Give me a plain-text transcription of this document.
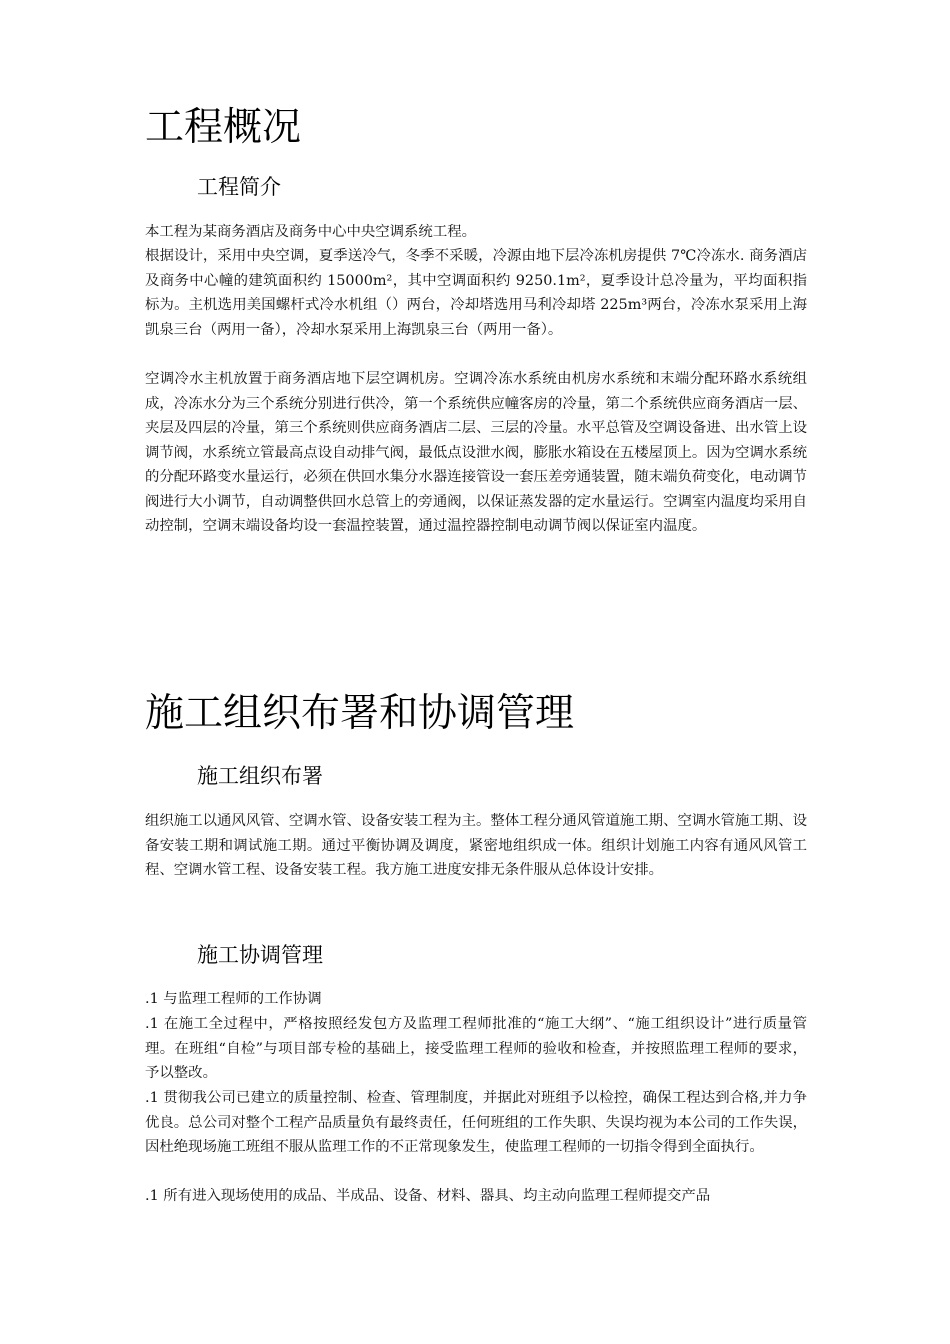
工程概况
工程简介

本工程为某商务酒店及商务中心中央空调系统工程。

根据设计，采用中央空调，夏季送冷气，冬季不采暖，冷源由地下层冷冻机房提供 7℃冷冻水. 商务酒店及商务中心幢的建筑面积约 15000m²，其中空调面积约 9250.1m²，夏季设计总冷量为，平均面积指标为。主机选用美国螺杆式冷水机组（）两台，冷却塔选用马利冷却塔 225m³两台，冷冻水泵采用上海凯泉三台（两用一备），冷却水泵采用上海凯泉三台（两用一备）。

空调冷水主机放置于商务酒店地下层空调机房。空调冷冻水系统由机房水系统和末端分配环路水系统组成，冷冻水分为三个系统分别进行供冷，第一个系统供应幢客房的冷量，第二个系统供应商务酒店一层、夹层及四层的冷量，第三个系统则供应商务酒店二层、三层的冷量。水平总管及空调设备进、出水管上设调节阀，水系统立管最高点设自动排气阀，最低点设泄水阀，膨胀水箱设在五楼屋顶上。因为空调水系统的分配环路变水量运行，必须在供回水集分水器连接管设一套压差旁通装置，随末端负荷变化，电动调节阀进行大小调节，自动调整供回水总管上的旁通阀，以保证蒸发器的定水量运行。空调室内温度均采用自动控制，空调末端设备均设一套温控装置，通过温控器控制电动调节阀以保证室内温度。

施工组织布署和协调管理
施工组织布署

组织施工以通风风管、空调水管、设备安装工程为主。整体工程分通风管道施工期、空调水管施工期、设备安装工期和调试施工期。通过平衡协调及调度，紧密地组织成一体。组织计划施工内容有通风风管工程、空调水管工程、设备安装工程。我方施工进度安排无条件服从总体设计安排。

施工协调管理

.1 与监理工程师的工作协调

.1 在施工全过程中，严格按照经发包方及监理工程师批准的“施工大纲”、“施工组织设计”进行质量管理。在班组“自检”与项目部专检的基础上，接受监理工程师的验收和检查，并按照监理工程师的要求，予以整改。

.1 贯彻我公司已建立的质量控制、检查、管理制度，并据此对班组予以检控，确保工程达到合格,并力争优良。总公司对整个工程产品质量负有最终责任，任何班组的工作失职、失误均视为本公司的工作失误，因杜绝现场施工班组不服从监理工作的不正常现象发生，使监理工程师的一切指令得到全面执行。

.1 所有进入现场使用的成品、半成品、设备、材料、器具、均主动向监理工程师提交产品
